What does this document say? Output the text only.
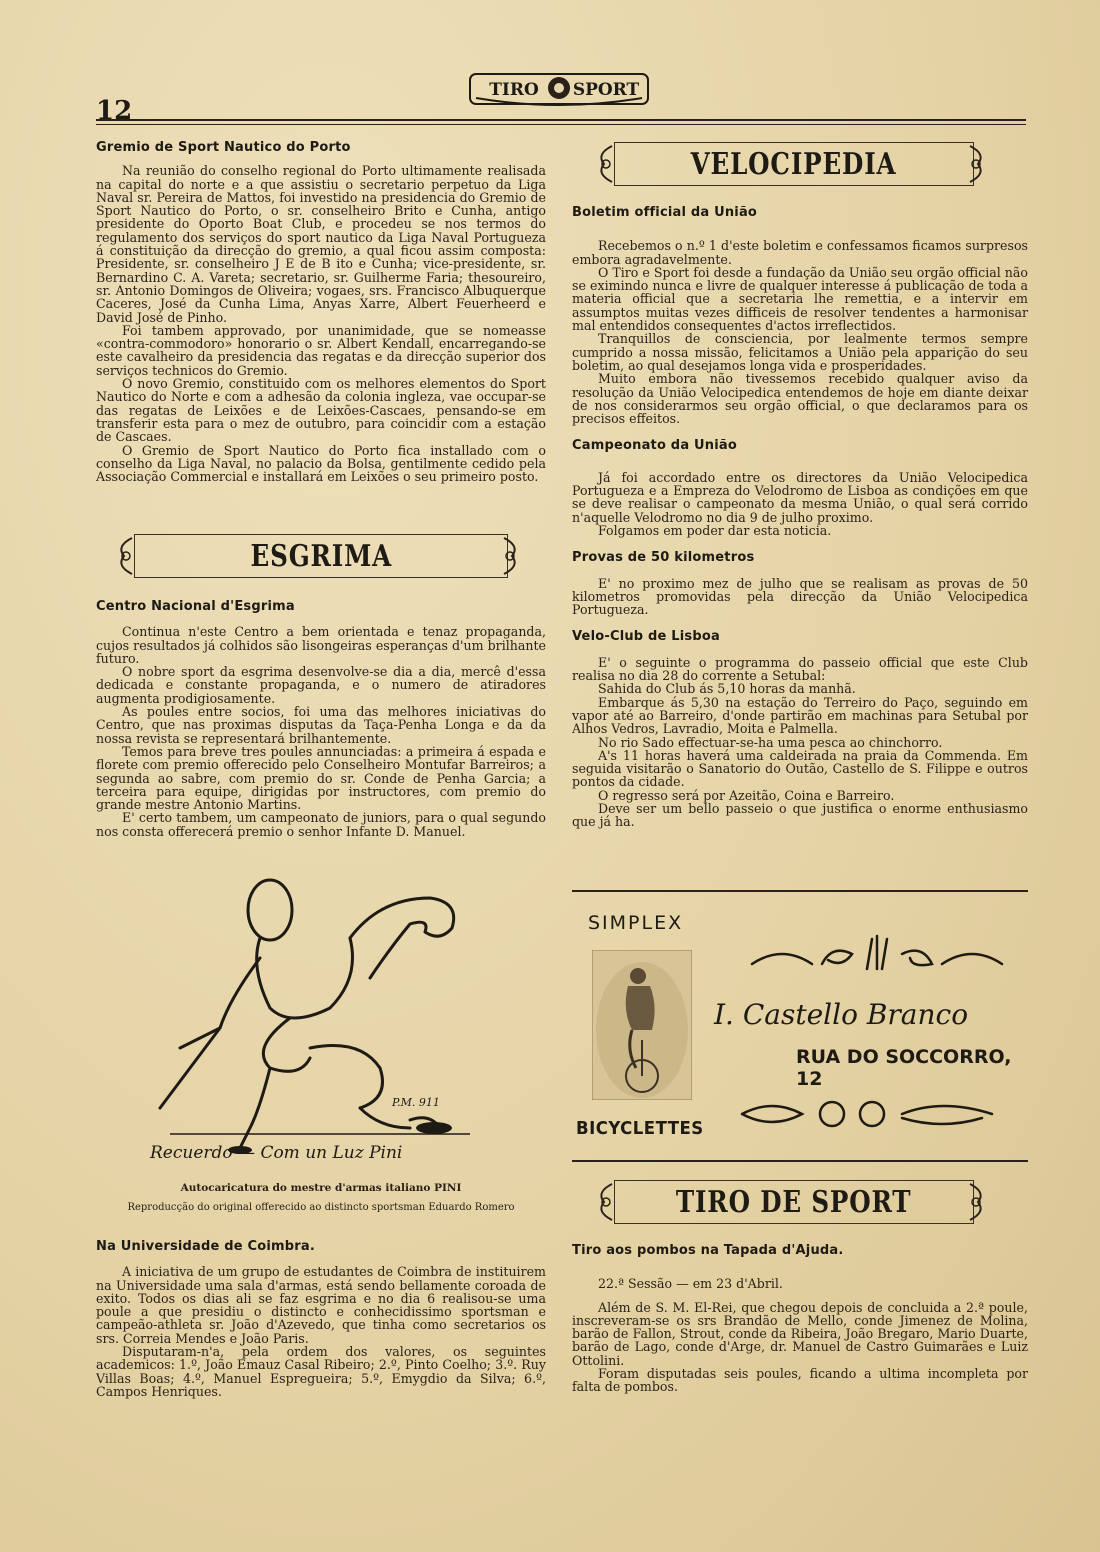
12
TIRO SPORT
Gremio de Sport Nautico do Porto

Na reunião do conselho regional do Porto ultimamente realisada na capital do norte e a que assistiu o secretario perpetuo da Liga Naval sr. Pereira de Mattos, foi investido na presidencia do Gremio de Sport Nautico do Porto, o sr. conselheiro Brito e Cunha, antigo presidente do Oporto Boat Club, e procedeu se nos termos do regulamento dos serviços do sport nautico da Liga Naval Portugueza á constituição da direcção do gremio, a qual ficou assim composta: Presidente, sr. conselheiro J E de B ito e Cunha; vice-presidente, sr. Bernardino C. A. Vareta; secretario, sr. Guilherme Faria; thesoureiro, sr. Antonio Domingos de Oliveira; vogaes, srs. Francisco Albuquerque Caceres, José da Cunha Lima, Anyas Xarre, Albert Feuerheerd e David José de Pinho.

Foi tambem approvado, por unanimidade, que se nomeasse «contra-commodoro» honorario o sr. Albert Kendall, encarregando-se este cavalheiro da presidencia das regatas e da direcção superior dos serviços technicos do Gremio.

O novo Gremio, constituido com os melhores elementos do Sport Nautico do Norte e com a adhesão da colonia ingleza, vae occupar-se das regatas de Leixões e de Leixões-Cascaes, pensando-se em transferir esta para o mez de outubro, para coincidir com a estação de Cascaes.

O Gremio de Sport Nautico do Porto fica installado com o conselho da Liga Naval, no palacio da Bolsa, gentilmente cedido pela Associação Commercial e installará em Leixões o seu primeiro posto.

ESGRIMA
Centro Nacional d'Esgrima

Continua n'este Centro a bem orientada e tenaz propaganda, cujos resultados já colhidos são lisongeiras esperanças d'um brilhante futuro.

O nobre sport da esgrima desenvolve-se dia a dia, mercê d'essa dedicada e constante propaganda, e o numero de atiradores augmenta prodigiosamente.

As poules entre socios, foi uma das melhores iniciativas do Centro, que nas proximas disputas da Taça-Penha Longa e da da nossa revista se representará brilhantemente.

Temos para breve tres poules annunciadas: a primeira á espada e florete com premio offerecido pelo Conselheiro Montufar Barreiros; a segunda ao sabre, com premio do sr. Conde de Penha Garcia; a terceira para equipe, dirigidas por instructores, com premio do grande mestre Antonio Martins.

E' certo tambem, um campeonato de juniors, para o qual segundo nos consta offerecerá premio o senhor Infante D. Manuel.

P.M. 911
Recuerdo — Com un Luz Pini
Autocaricatura do mestre d'armas italiano PINI
Reproducção do original offerecido ao distincto sportsman Eduardo Romero
Na Universidade de Coimbra.

A iniciativa de um grupo de estudantes de Coimbra de instituirem na Universidade uma sala d'armas, está sendo bellamente coroada de exito. Todos os dias ali se faz esgrima e no dia 6 realisou-se uma poule a que presidiu o distincto e conhecidissimo sportsman e campeão-athleta sr. João d'Azevedo, que tinha como secretarios os srs. Correia Mendes e João Paris.

Disputaram-n'a, pela ordem dos valores, os seguintes academicos: 1.º, João Emauz Casal Ribeiro; 2.º, Pinto Coelho; 3.º. Ruy Villas Boas; 4.º, Manuel Espregueira; 5.º, Emygdio da Silva; 6.º, Campos Henriques.

VELOCIPEDIA
Boletim official da União

Recebemos o n.º 1 d'este boletim e confessamos ficamos surpresos embora agradavelmente.

O Tiro e Sport foi desde a fundação da União seu orgão official não se eximindo nunca e livre de qualquer interesse á publicação de toda a materia official que a secretaria lhe remettia, e a intervir em assumptos muitas vezes difficeis de resolver tendentes a harmonisar mal entendidos consequentes d'actos irreflectidos.

Tranquillos de consciencia, por lealmente termos sempre cumprido a nossa missão, felicitamos a União pela apparição do seu boletim, ao qual desejamos longa vida e prosperidades.

Muito embora não tivessemos recebido qualquer aviso da resolução da União Velocipedica entendemos de hoje em diante deixar de nos considerarmos seu orgão official, o que declaramos para os precisos effeitos.

Campeonato da União

Já foi accordado entre os directores da União Velocipedica Portugueza e a Empreza do Velodromo de Lisboa as condições em que se deve realisar o campeonato da mesma União, o qual será corrido n'aquelle Velodromo no dia 9 de julho proximo.

Folgamos em poder dar esta noticia.

Provas de 50 kilometros

E' no proximo mez de julho que se realisam as provas de 50 kilometros promovidas pela direcção da União Velocipedica Portugueza.

Velo-Club de Lisboa

E' o seguinte o programma do passeio official que este Club realisa no dia 28 do corrente a Setubal:

Sahida do Club ás 5,10 horas da manhã.

Embarque ás 5,30 na estação do Terreiro do Paço, seguindo em vapor até ao Barreiro, d'onde partirão em machinas para Setubal por Alhos Vedros, Lavradio, Moita e Palmella.

No rio Sado effectuar-se-ha uma pesca ao chinchorro.

A's 11 horas haverá uma caldeirada na praia da Commenda. Em seguida visitarão o Sanatorio do Outão, Castello de S. Filippe e outros pontos da cidade.

O regresso será por Azeitão, Coina e Barreiro.

Deve ser um bello passeio o que justifica o enorme enthusiasmo que já ha.

SIMPLEX
I. Castello Branco
RUA DO SOCCORRO, 12
BICYCLETTES
TIRO DE SPORT
Tiro aos pombos na Tapada d'Ajuda.

22.ª Sessão — em 23 d'Abril.

Além de S. M. El-Rei, que chegou depois de concluida a 2.ª poule, inscreveram-se os srs Brandão de Mello, conde Jimenez de Molina, barão de Fallon, Strout, conde da Ribeira, João Bregaro, Mario Duarte, barão de Lago, conde d'Arge, dr. Manuel de Castro Guimarães e Luiz Ottolini.

Foram disputadas seis poules, ficando a ultima incompleta por falta de pombos.
